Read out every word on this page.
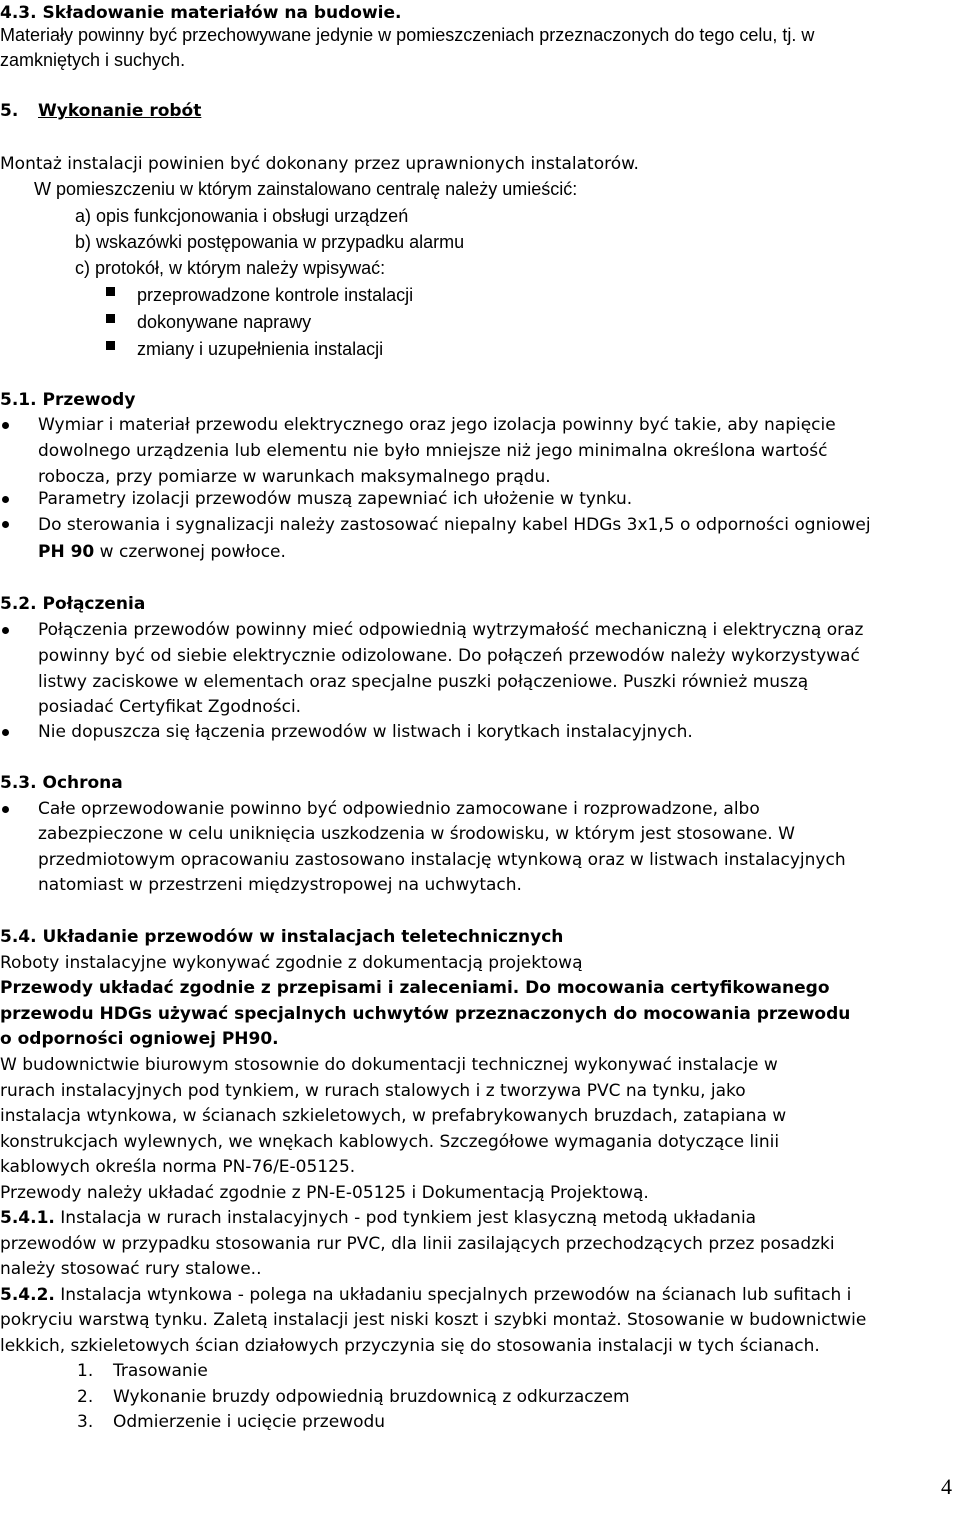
4.3. Składowanie materiałów na budowie.
Materiały powinny być przechowywane jedynie w pomieszczeniach przeznaczonych do tego celu, tj. w
zamkniętych i suchych.
5. Wykonanie robót
Montaż instalacji powinien być dokonany przez uprawnionych instalatorów.
W pomieszczeniu w którym zainstalowano centralę należy umieścić:
a) opis funkcjonowania i obsługi urządzeń
b) wskazówki postępowania w przypadku alarmu
c) protokół, w którym należy wpisywać:
przeprowadzone kontrole instalacji
dokonywane naprawy
zmiany i uzupełnienia instalacji
5.1. Przewody
Wymiar i materiał przewodu elektrycznego oraz jego izolacja powinny być takie, aby napięcie
dowolnego urządzenia lub elementu nie było mniejsze niż jego minimalna określona wartość
robocza, przy pomiarze w warunkach maksymalnego prądu.
Parametry izolacji przewodów muszą zapewniać ich ułożenie w tynku.
Do sterowania i sygnalizacji należy zastosować niepalny kabel HDGs 3x1,5 o odporności ogniowej
PH 90 w czerwonej powłoce.
5.2. Połączenia
Połączenia przewodów powinny mieć odpowiednią wytrzymałość mechaniczną i elektryczną oraz
powinny być od siebie elektrycznie odizolowane. Do połączeń przewodów należy wykorzystywać
listwy zaciskowe w elementach oraz specjalne puszki połączeniowe. Puszki również muszą
posiadać Certyfikat Zgodności.
Nie dopuszcza się łączenia przewodów w listwach i korytkach instalacyjnych.
5.3. Ochrona
Całe oprzewodowanie powinno być odpowiednio zamocowane i rozprowadzone, albo
zabezpieczone w celu uniknięcia uszkodzenia w środowisku, w którym jest stosowane. W
przedmiotowym opracowaniu zastosowano instalację wtynkową oraz w listwach instalacyjnych
natomiast w przestrzeni międzystropowej na uchwytach.
5.4. Układanie przewodów w instalacjach teletechnicznych
Roboty instalacyjne wykonywać zgodnie z dokumentacją projektową
Przewody układać zgodnie z przepisami i zaleceniami. Do mocowania certyfikowanego
przewodu HDGs używać specjalnych uchwytów przeznaczonych do mocowania przewodu
o odporności ogniowej PH90.
W budownictwie biurowym stosownie do dokumentacji technicznej wykonywać instalacje w
rurach instalacyjnych pod tynkiem, w rurach stalowych i z tworzywa PVC na tynku, jako
instalacja wtynkowa, w ścianach szkieletowych, w prefabrykowanych bruzdach, zatapiana w
konstrukcjach wylewnych, we wnękach kablowych. Szczegółowe wymagania dotyczące linii
kablowych określa norma PN-76/E-05125.
Przewody należy układać zgodnie z PN-E-05125 i Dokumentacją Projektową.
5.4.1. Instalacja w rurach instalacyjnych - pod tynkiem jest klasyczną metodą układania
przewodów w przypadku stosowania rur PVC, dla linii zasilających przechodzących przez posadzki
należy stosować rury stalowe..
5.4.2. Instalacja wtynkowa - polega na układaniu specjalnych przewodów na ścianach lub sufitach i
pokryciu warstwą tynku. Zaletą instalacji jest niski koszt i szybki montaż. Stosowanie w budownictwie
lekkich, szkieletowych ścian działowych przyczynia się do stosowania instalacji w tych ścianach.
1. Trasowanie
2. Wykonanie bruzdy odpowiednią bruzdownicą z odkurzaczem
3. Odmierzenie i ucięcie przewodu
4
